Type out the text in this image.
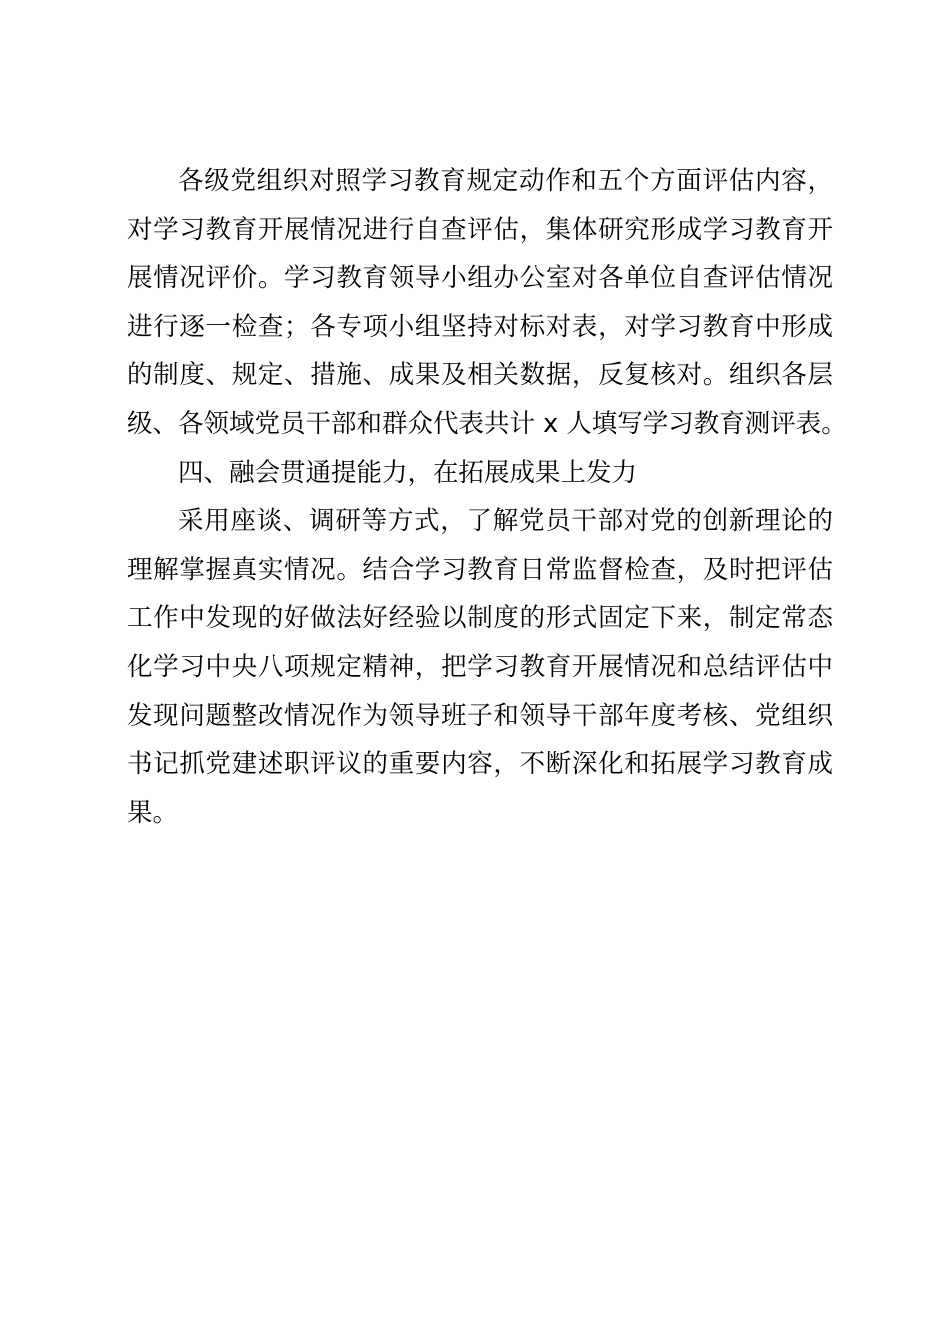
各级党组织对照学习教育规定动作和五个方面评估内容，
对学习教育开展情况进行自查评估，集体研究形成学习教育开
展情况评价。学习教育领导小组办公室对各单位自查评估情况
进行逐一检查；各专项小组坚持对标对表，对学习教育中形成
的制度、规定、措施、成果及相关数据，反复核对。组织各层
级、各领域党员干部和群众代表共计 x 人填写学习教育测评表。
四、融会贯通提能力，在拓展成果上发力
采用座谈、调研等方式，了解党员干部对党的创新理论的
理解掌握真实情况。结合学习教育日常监督检查，及时把评估
工作中发现的好做法好经验以制度的形式固定下来，制定常态
化学习中央八项规定精神，把学习教育开展情况和总结评估中
发现问题整改情况作为领导班子和领导干部年度考核、党组织
书记抓党建述职评议的重要内容，不断深化和拓展学习教育成
果。
